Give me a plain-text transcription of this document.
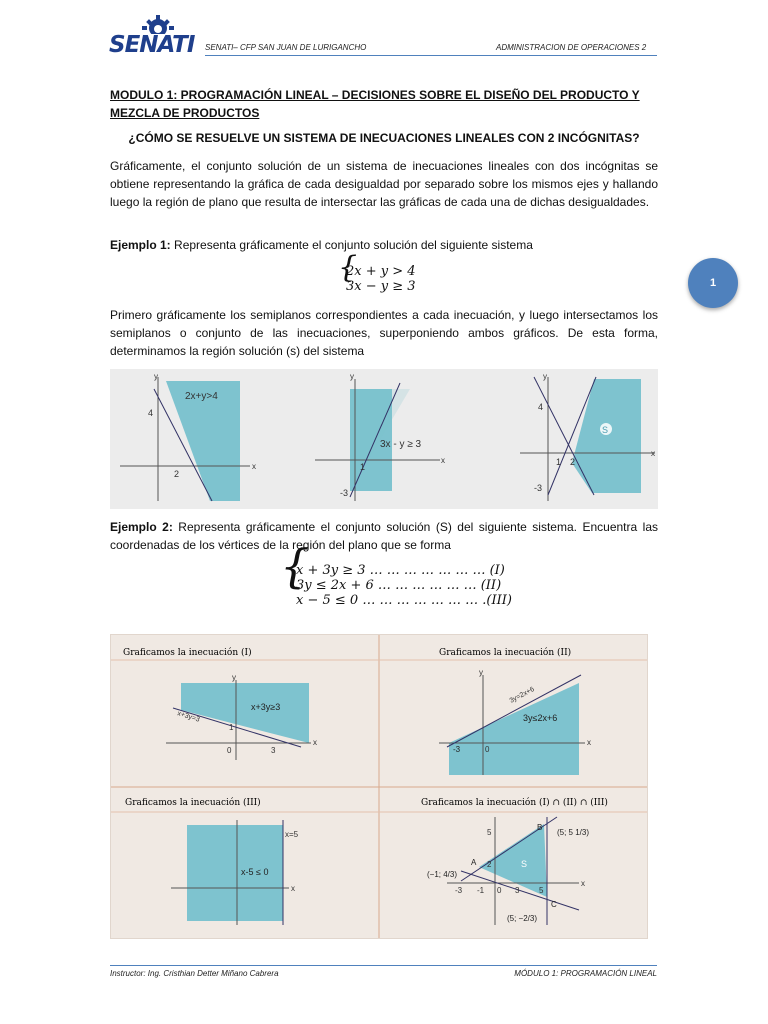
SENATI SENATI– CFP SAN JUAN DE LURIGANCHO	ADMINISTRACION DE OPERACIONES 2
MODULO 1: PROGRAMACIÓN LINEAL – DECISIONES SOBRE EL DISEÑO DEL PRODUCTO Y MEZCLA DE PRODUCTOS
¿CÓMO SE RESUELVE UN SISTEMA DE INECUACIONES LINEALES CON 2 INCÓGNITAS?
Gráficamente, el conjunto solución de un sistema de inecuaciones lineales con dos incógnitas se obtiene representando la gráfica de cada desigualdad por separado sobre los mismos ejes y hallando luego la región de plano que resulta de intersectar las gráficas de cada una de dichas desigualdades.
Ejemplo 1: Representa gráficamente el conjunto solución del siguiente sistema
{
2x + y > 4
3x − y ≥ 3
Primero gráficamente los semiplanos correspondientes a cada inecuación, y luego intersectamos los semiplanos o conjunto de las inecuaciones, superponiendo ambos gráficos. De esta forma, determinamos la región solución (s) del sistema
2x+y>4
4
2
y
x
3x - y ≥ 3
1
-3
y
x
S
4
1 2
-3
y
x
Ejemplo 2: Representa gráficamente el conjunto solución (S) del siguiente sistema. Encuentra las coordenadas de los vértices de la región del plano que se forma
{
x + 3y ≥ 3 … … … … … … … (I)
3y ≤ 2x + 6 … … … … … … (II)
x − 5 ≤ 0 … … … … … … … .(III)
Graficamos la inecuación (I)
x+3y≥3
x+3y=3
1
0	3
y
x
Graficamos la inecuación (II)
3y≤2x+6
3y=2x+6
-3	0
y
x
Graficamos la inecuación (III)
x-5 ≤ 0
x=5
x
Graficamos la inecuación (I) ∩ (II) ∩ (III)
S
A
B
C
(5; 5 1/3)
(−1; 4/3)
(5; −2/3)
5
2
-3 -1 0 3 5
x
1
Instructor: Ing. Cristhian Detter Miñano Cabrera	MÓDULO 1: PROGRAMACIÓN LINEAL
